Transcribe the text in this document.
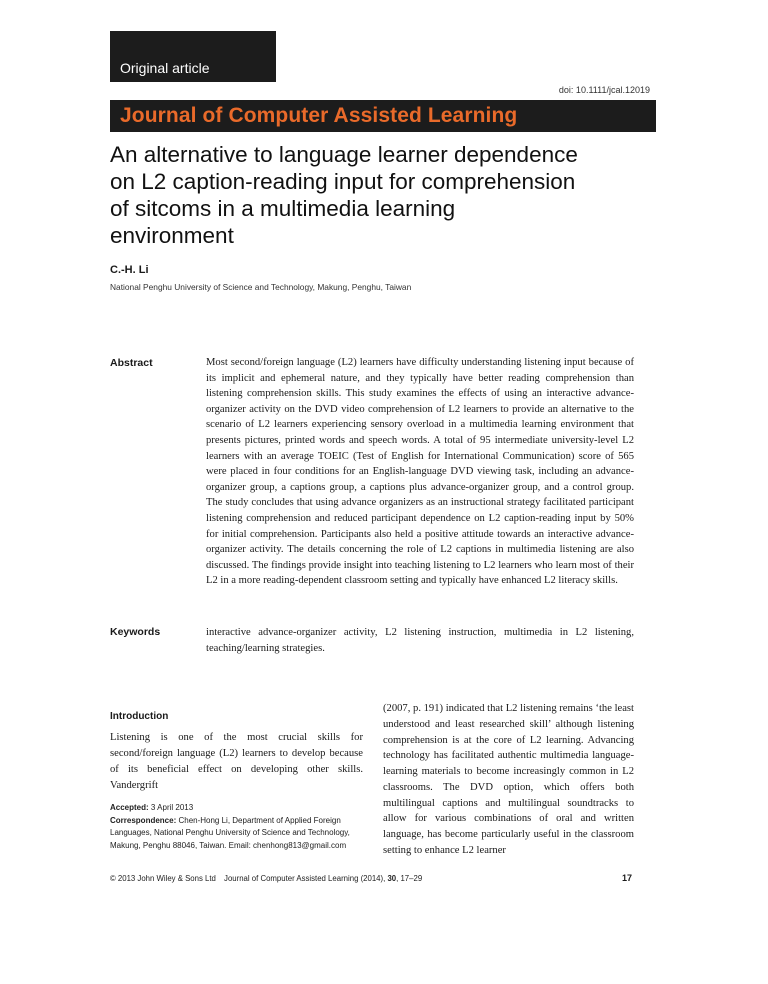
Original article
doi: 10.1111/jcal.12019
Journal of Computer Assisted Learning
An alternative to language learner dependence on L2 caption-reading input for comprehension of sitcoms in a multimedia learning environment
C.-H. Li
National Penghu University of Science and Technology, Makung, Penghu, Taiwan
Abstract	Most second/foreign language (L2) learners have difficulty understanding listening input because of its implicit and ephemeral nature, and they typically have better reading comprehension than listening comprehension skills. This study examines the effects of using an interactive advance-organizer activity on the DVD video comprehension of L2 learners to provide an alternative to the scenario of L2 learners experiencing sensory overload in a multimedia learning environment that presents pictures, printed words and speech words. A total of 95 intermediate university-level L2 learners with an average TOEIC (Test of English for International Communication) score of 565 were placed in four conditions for an English-language DVD viewing task, including an advance-organizer group, a captions group, a captions plus advance-organizer group, and a control group. The study concludes that using advance organizers as an instructional strategy facilitated participant listening comprehension and reduced participant dependence on L2 caption-reading input by 50% for initial comprehension. Participants also held a positive attitude towards an interactive advance-organizer activity. The details concerning the role of L2 captions in multimedia listening are also discussed. The findings provide insight into teaching listening to L2 learners who learn most of their L2 in a more reading-dependent classroom setting and typically have enhanced L2 literacy skills.
Keywords	interactive advance-organizer activity, L2 listening instruction, multimedia in L2 listening, teaching/learning strategies.
Introduction
Listening is one of the most crucial skills for second/foreign language (L2) learners to develop because of its beneficial effect on developing other skills. Vandergrift
(2007, p. 191) indicated that L2 listening remains ‘the least understood and least researched skill’ although listening comprehension is at the core of L2 learning. Advancing technology has facilitated authentic multimedia language-learning materials to become increasingly common in L2 classrooms. The DVD option, which offers both multilingual captions and multilingual soundtracks to allow for various combinations of oral and written language, has become particularly useful in the classroom setting to enhance L2 learner
Accepted: 3 April 2013
Correspondence: Chen-Hong Li, Department of Applied Foreign Languages, National Penghu University of Science and Technology, Makung, Penghu 88046, Taiwan. Email: chenhong813@gmail.com
© 2013 John Wiley & Sons Ltd Journal of Computer Assisted Learning (2014), 30, 17–29	17
